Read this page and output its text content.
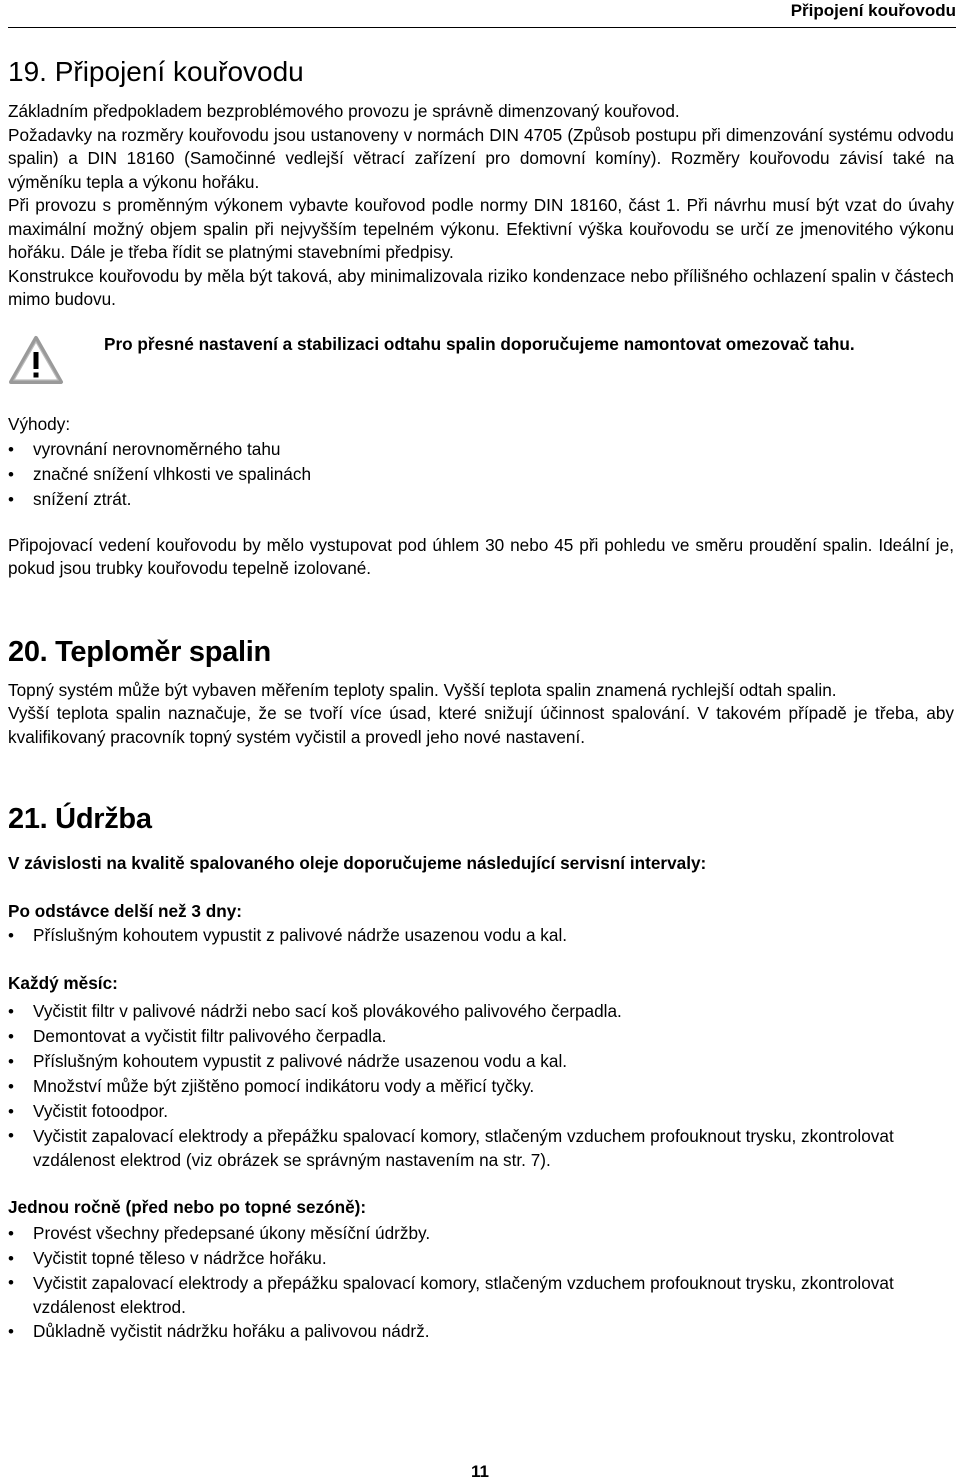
Připojení kouřovodu
19. Připojení kouřovodu

Základním předpokladem bezproblémového provozu je správně dimenzovaný kouřovod.

Požadavky na rozměry kouřovodu jsou ustanoveny v normách DIN 4705 (Způsob postupu při dimenzování systému odvodu spalin) a DIN 18160 (Samočinné vedlejší větrací zařízení pro domovní komíny). Rozměry kouřovodu závisí také na výměníku tepla a výkonu hořáku.

Při provozu s proměnným výkonem vybavte kouřovod podle normy DIN 18160, část 1. Při návrhu musí být vzat do úvahy maximální možný objem spalin při nejvyšším tepelném výkonu. Efektivní výška kouřovodu se určí ze jmenovitého výkonu hořáku. Dále je třeba řídit se platnými stavebními předpisy.

Konstrukce kouřovodu by měla být taková, aby minimalizovala riziko kondenzace nebo přílišného ochlazení spalin v částech mimo budovu.

Pro přesné nastavení a stabilizaci odtahu spalin doporučujeme namontovat omezovač tahu.

Výhody:

• vyrovnání nerovnoměrného tahu
• značné snížení vlhkosti ve spalinách
• snížení ztrát.

Připojovací vedení kouřovodu by mělo vystupovat pod úhlem 30 nebo 45 při pohledu ve směru proudění spalin. Ideální je, pokud jsou trubky kouřovodu tepelně izolované.

20. Teploměr spalin

Topný systém může být vybaven měřením teploty spalin. Vyšší teplota spalin znamená rychlejší odtah spalin.

Vyšší teplota spalin naznačuje, že se tvoří více úsad, které snižují účinnost spalování. V takovém případě je třeba, aby kvalifikovaný pracovník topný systém vyčistil a provedl jeho nové nastavení.

21. Údržba

V závislosti na kvalitě spalovaného oleje doporučujeme následující servisní intervaly:

Po odstávce delší než 3 dny:

• Příslušným kohoutem vypustit z palivové nádrže usazenou vodu a kal.

Každý měsíc:

• Vyčistit filtr v palivové nádrži nebo sací koš plovákového palivového čerpadla.
• Demontovat a vyčistit filtr palivového čerpadla.
• Příslušným kohoutem vypustit z palivové nádrže usazenou vodu a kal.
• Množství může být zjištěno pomocí indikátoru vody a měřicí tyčky.
• Vyčistit fotoodpor.
• Vyčistit zapalovací elektrody a přepážku spalovací komory, stlačeným vzduchem profouknout trysku, zkontrolovat vzdálenost elektrod (viz obrázek se správným nastavením na str. 7).

Jednou ročně (před nebo po topné sezóně):

• Provést všechny předepsané úkony měsíční údržby.
• Vyčistit topné těleso v nádržce hořáku.
• Vyčistit zapalovací elektrody a přepážku spalovací komory, stlačeným vzduchem profouknout trysku, zkontrolovat vzdálenost elektrod.
• Důkladně vyčistit nádržku hořáku a palivovou nádrž.
11
